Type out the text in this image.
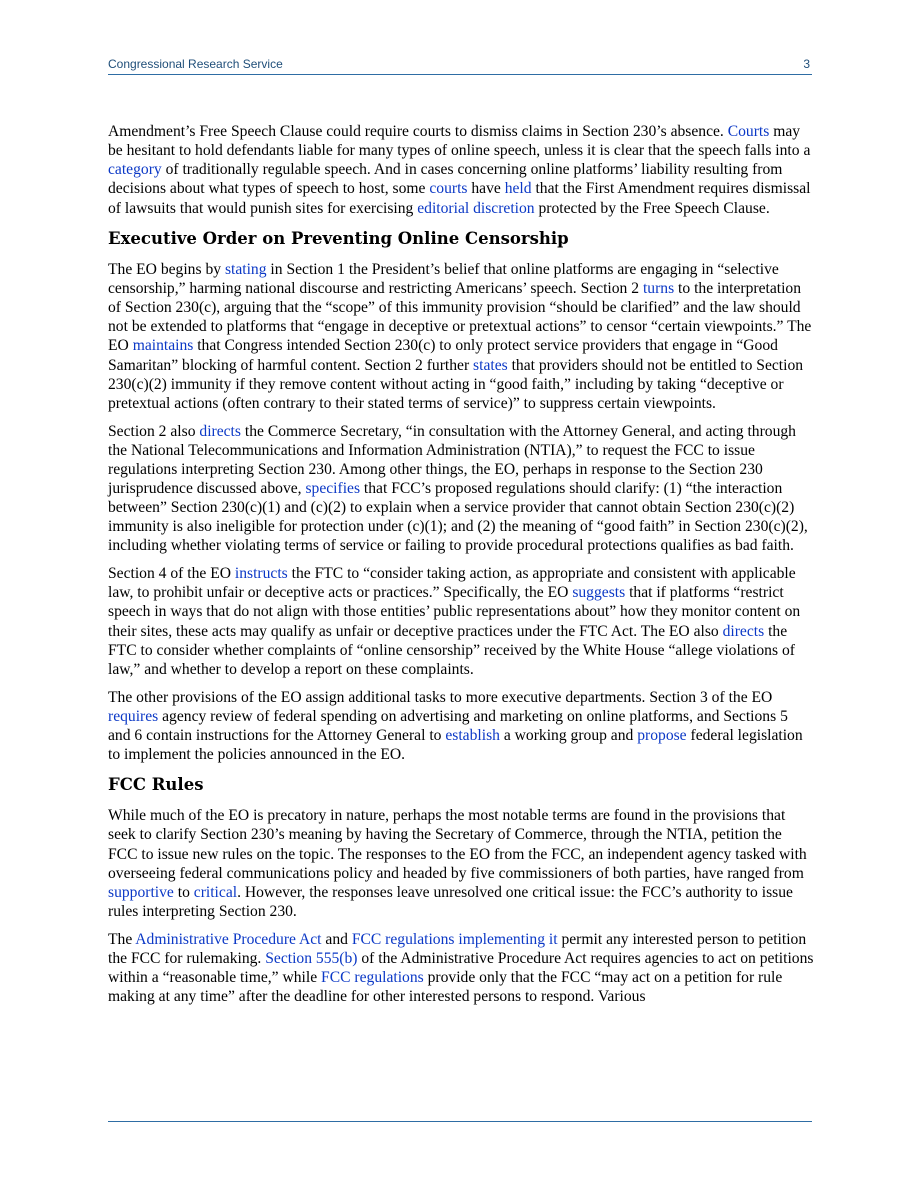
Congressional Research Service	3

Amendment’s Free Speech Clause could require courts to dismiss claims in Section 230’s absence. Courts may be hesitant to hold defendants liable for many types of online speech, unless it is clear that the speech falls into a category of traditionally regulable speech. And in cases concerning online platforms’ liability resulting from decisions about what types of speech to host, some courts have held that the First Amendment requires dismissal of lawsuits that would punish sites for exercising editorial discretion protected by the Free Speech Clause.

Executive Order on Preventing Online Censorship

The EO begins by stating in Section 1 the President’s belief that online platforms are engaging in “selective censorship,” harming national discourse and restricting Americans’ speech. Section 2 turns to the interpretation of Section 230(c), arguing that the “scope” of this immunity provision “should be clarified” and the law should not be extended to platforms that “engage in deceptive or pretextual actions” to censor “certain viewpoints.” The EO maintains that Congress intended Section 230(c) to only protect service providers that engage in “Good Samaritan” blocking of harmful content. Section 2 further states that providers should not be entitled to Section 230(c)(2) immunity if they remove content without acting in “good faith,” including by taking “deceptive or pretextual actions (often contrary to their stated terms of service)” to suppress certain viewpoints.

Section 2 also directs the Commerce Secretary, “in consultation with the Attorney General, and acting through the National Telecommunications and Information Administration (NTIA),” to request the FCC to issue regulations interpreting Section 230. Among other things, the EO, perhaps in response to the Section 230 jurisprudence discussed above, specifies that FCC’s proposed regulations should clarify: (1) “the interaction between” Section 230(c)(1) and (c)(2) to explain when a service provider that cannot obtain Section 230(c)(2) immunity is also ineligible for protection under (c)(1); and (2) the meaning of “good faith” in Section 230(c)(2), including whether violating terms of service or failing to provide procedural protections qualifies as bad faith.

Section 4 of the EO instructs the FTC to “consider taking action, as appropriate and consistent with applicable law, to prohibit unfair or deceptive acts or practices.” Specifically, the EO suggests that if platforms “restrict speech in ways that do not align with those entities’ public representations about” how they monitor content on their sites, these acts may qualify as unfair or deceptive practices under the FTC Act. The EO also directs the FTC to consider whether complaints of “online censorship” received by the White House “allege violations of law,” and whether to develop a report on these complaints.

The other provisions of the EO assign additional tasks to more executive departments. Section 3 of the EO requires agency review of federal spending on advertising and marketing on online platforms, and Sections 5 and 6 contain instructions for the Attorney General to establish a working group and propose federal legislation to implement the policies announced in the EO.

FCC Rules

While much of the EO is precatory in nature, perhaps the most notable terms are found in the provisions that seek to clarify Section 230’s meaning by having the Secretary of Commerce, through the NTIA, petition the FCC to issue new rules on the topic. The responses to the EO from the FCC, an independent agency tasked with overseeing federal communications policy and headed by five commissioners of both parties, have ranged from supportive to critical. However, the responses leave unresolved one critical issue: the FCC’s authority to issue rules interpreting Section 230.

The Administrative Procedure Act and FCC regulations implementing it permit any interested person to petition the FCC for rulemaking. Section 555(b) of the Administrative Procedure Act requires agencies to act on petitions within a “reasonable time,” while FCC regulations provide only that the FCC “may act on a petition for rule making at any time” after the deadline for other interested persons to respond. Various
